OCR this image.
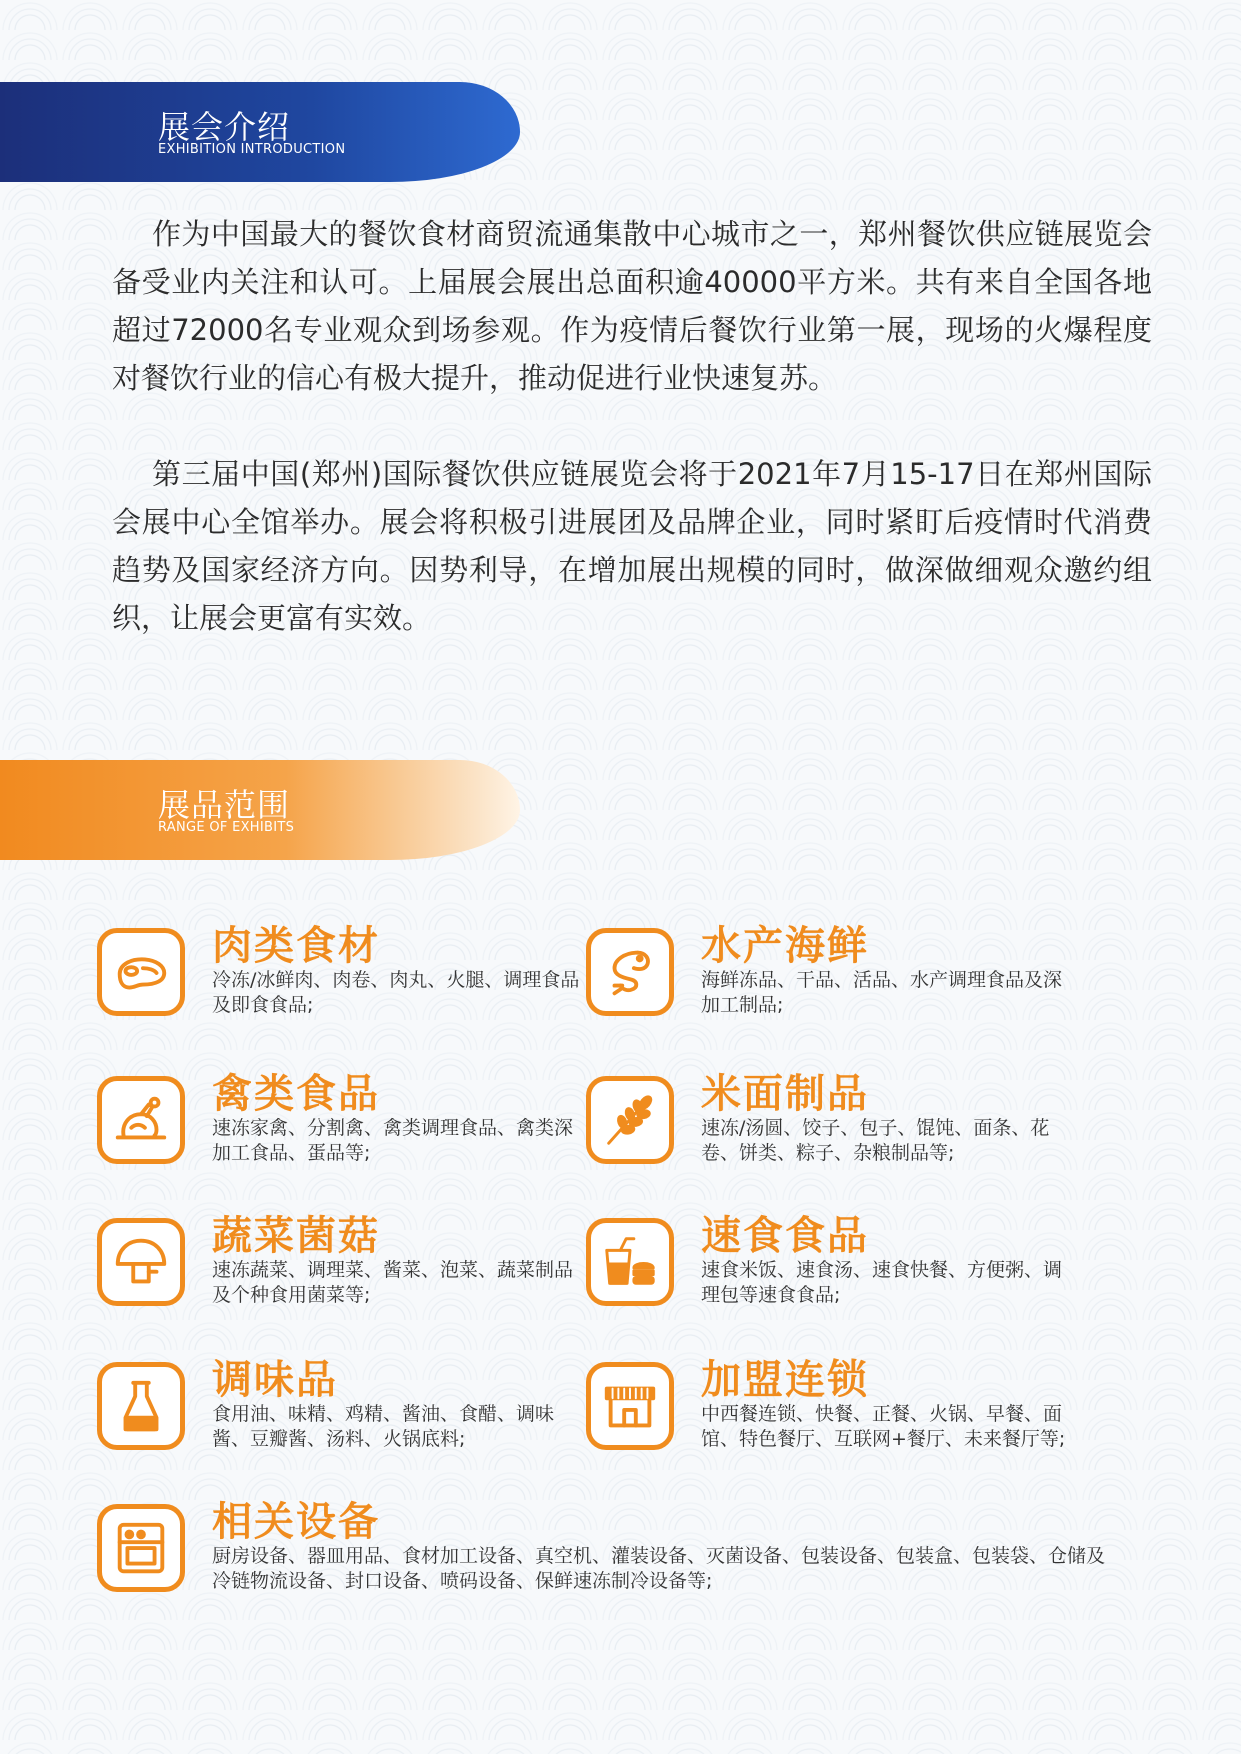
展会介绍
EXHIBITION INTRODUCTION

作为中国最大的餐饮食材商贸流通集散中心城市之一，郑州餐饮供应链展览会备受业内关注和认可。上届展会展出总面积逾40000平方米。共有来自全国各地超过72000名专业观众到场参观。作为疫情后餐饮行业第一展，现场的火爆程度对餐饮行业的信心有极大提升，推动促进行业快速复苏。

第三届中国(郑州)国际餐饮供应链展览会将于2021年7月15-17日在郑州国际会展中心全馆举办。展会将积极引进展团及品牌企业，同时紧盯后疫情时代消费趋势及国家经济方向。因势利导，在增加展出规模的同时，做深做细观众邀约组织，让展会更富有实效。

展品范围
RANGE OF EXHIBITS
肉类食材
冷冻/冰鲜肉、肉卷、肉丸、火腿、调理食品及即食食品;
水产海鲜
海鲜冻品、干品、活品、水产调理食品及深加工制品;
禽类食品
速冻家禽、分割禽、禽类调理食品、禽类深加工食品、蛋品等;
米面制品
速冻/汤圆、饺子、包子、馄饨、面条、花卷、饼类、粽子、杂粮制品等;
蔬菜菌菇
速冻蔬菜、调理菜、酱菜、泡菜、蔬菜制品及个种食用菌菜等;
速食食品
速食米饭、速食汤、速食快餐、方便粥、调理包等速食食品;
调味品
食用油、味精、鸡精、酱油、食醋、调味酱、豆瓣酱、汤料、火锅底料;
加盟连锁
中西餐连锁、快餐、正餐、火锅、早餐、面馆、特色餐厅、互联网+餐厅、未来餐厅等;
相关设备
厨房设备、器皿用品、食材加工设备、真空机、灌装设备、灭菌设备、包装设备、包装盒、包装袋、仓储及冷链物流设备、封口设备、喷码设备、保鲜速冻制冷设备等;
